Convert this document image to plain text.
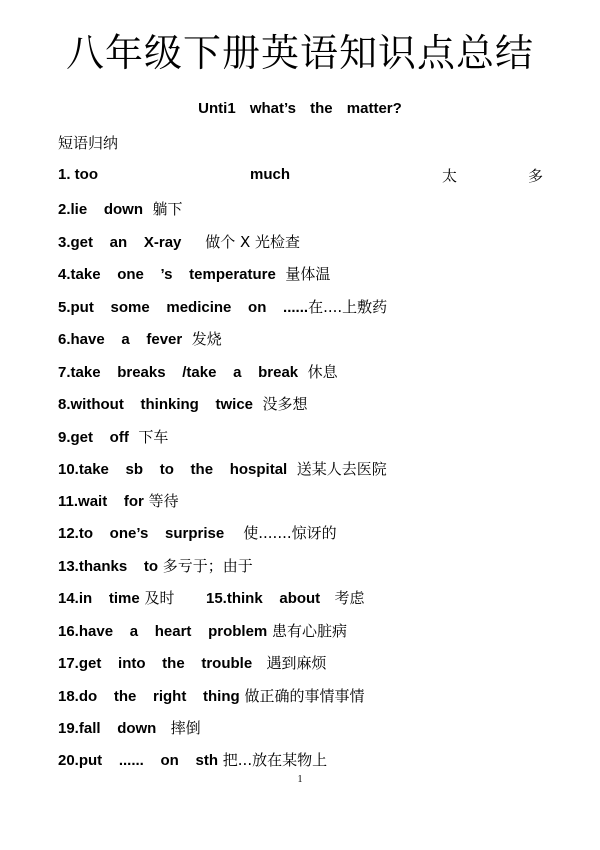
八年级下册英语知识点总结
Unti1 what’s the matter?
短语归纳
1. too	much	太	多
2.lie    down  躺下
3.get    an    X-ray     做个 X 光检查
4.take    one    ’s    temperature  量体温
5.put    some    medicine    on    ......在....上敷药
6.have    a    fever  发烧
7.take    breaks    /take    a    break  休息
8.without    thinking    twice  没多想
9.get    off  下车
10.take    sb    to    the    hospital  送某人去医院
11.wait    for 等待
12.to    one’s    surprise    使.......惊讶的
13.thanks    to 多亏于；由于
14.in    time 及时 15.think    about   考虑
16.have    a    heart    problem 患有心脏病
17.get    into    the    trouble   遇到麻烦
18.do    the    right    thing 做正确的事情事情
19.fall    down   摔倒
20.put    ......    on    sth 把...放在某物上
1
